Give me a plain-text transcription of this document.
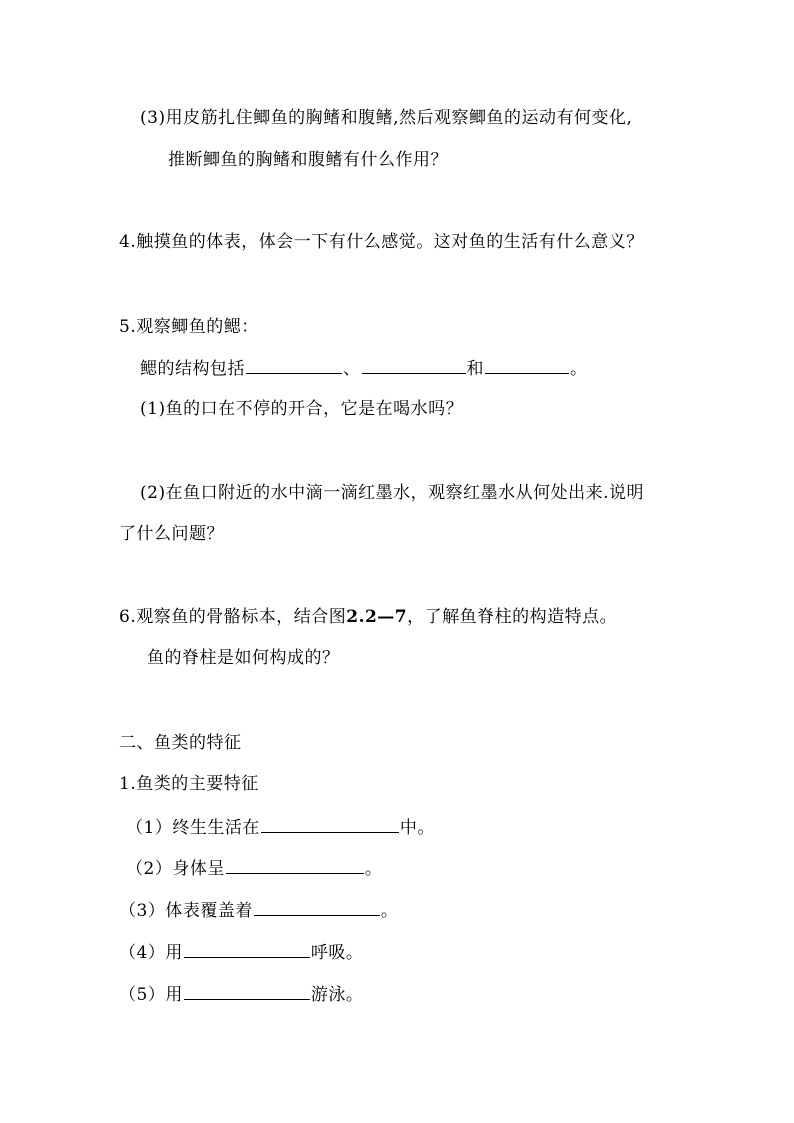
(3)用皮筋扎住鲫鱼的胸鳍和腹鳍,然后观察鲫鱼的运动有何变化,
推断鲫鱼的胸鳍和腹鳍有什么作用？
4.触摸鱼的体表，体会一下有什么感觉。这对鱼的生活有什么意义？
5.观察鲫鱼的鳃：
鳃的结构包括	、	和	。
(1)鱼的口在不停的开合，它是在喝水吗？
(2)在鱼口附近的水中滴一滴红墨水，观察红墨水从何处出来.说明
了什么问题？
6.观察鱼的骨骼标本，结合图2.2—7，了解鱼脊柱的构造特点。
鱼的脊柱是如何构成的？
二、鱼类的特征
1.鱼类的主要特征
（1）终生生活在	中。
（2）身体呈	。
（3）体表覆盖着	。
（4）用	呼吸。
（5）用	游泳。
